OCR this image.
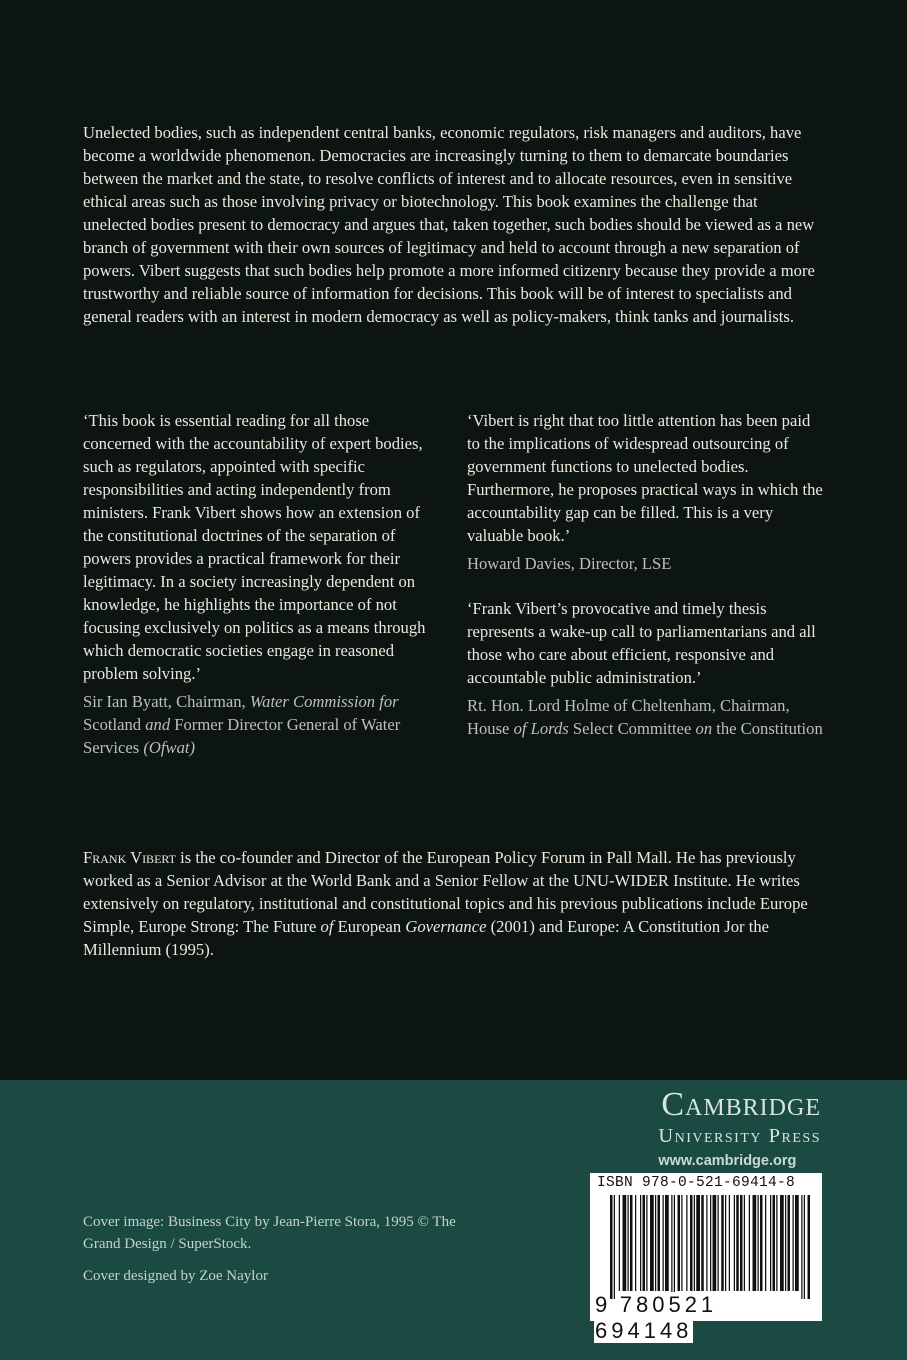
Unelected bodies, such as independent central banks, economic regulators, risk managers and auditors, have become a worldwide phenomenon. Democracies are increasingly turning to them to demarcate boundaries between the market and the state, to resolve conflicts of interest and to allocate resources, even in sensitive ethical areas such as those involving privacy or biotechnology. This book examines the challenge that unelected bodies present to democracy and argues that, taken together, such bodies should be viewed as a new branch of government with their own sources of legitimacy and held to account through a new separation of powers. Vibert suggests that such bodies help promote a more informed citizenry because they provide a more trustworthy and reliable source of information for decisions. This book will be of interest to specialists and general readers with an interest in modern democracy as well as policy-makers, think tanks and journalists.

‘This book is essential reading for all those concerned with the accountability of expert bodies, such as regulators, appointed with specific responsibilities and acting independently from ministers. Frank Vibert shows how an extension of the constitutional doctrines of the separation of powers provides a practical framework for their legitimacy. In a society increasingly dependent on knowledge, he highlights the importance of not focusing exclusively on politics as a means through which democratic societies engage in reasoned problem solving.’

Sir Ian Byatt, Chairman, Water Commission for Scotland and Former Director General of Water Services (Ofwat)

‘Vibert is right that too little attention has been paid to the implications of widespread outsourcing of government functions to unelected bodies. Furthermore, he proposes practical ways in which the accountability gap can be filled. This is a very valuable book.’

Howard Davies, Director, LSE

‘Frank Vibert’s provocative and timely thesis represents a wake-up call to parliamentarians and all those who care about efficient, responsive and accountable public administration.’

Rt. Hon. Lord Holme of Cheltenham, Chairman, House of Lords Select Committee on the Constitution

Frank Vibert is the co-founder and Director of the European Policy Forum in Pall Mall. He has previously worked as a Senior Advisor at the World Bank and a Senior Fellow at the UNU-WIDER Institute. He writes extensively on regulatory, institutional and constitutional topics and his previous publications include Europe Simple, Europe Strong: The Future of European Governance (2001) and Europe: A Constitution Jor the Millennium (1995).

Cambridge
University Press
www.cambridge.org

Cover image: Business City by Jean-Pierre Stora, 1995 © The Grand Design / SuperStock.

Cover designed by Zoe Naylor

ISBN 978-0-521-69414-8
9 780521694148
